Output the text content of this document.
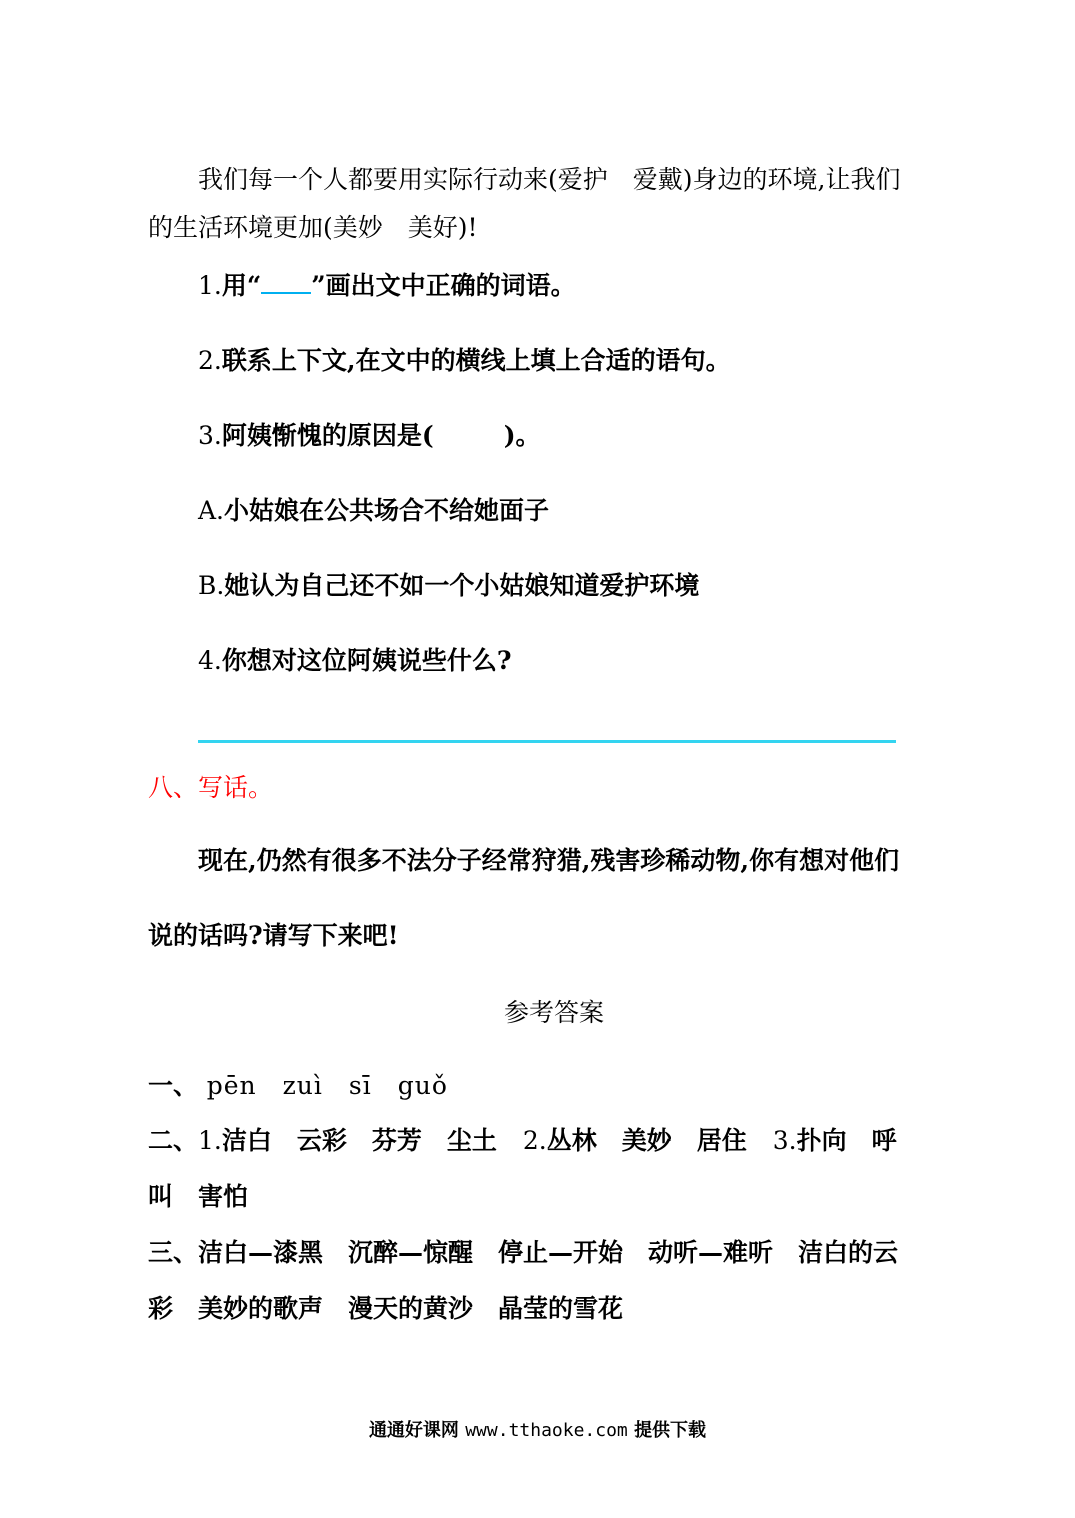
我们每一个人都要用实际行动来(爱护　爱戴)身边的环境,让我们
的生活环境更加(美妙　美好)!
1.用“ ”画出文中正确的词语。
2.联系上下文,在文中的横线上填上合适的语句。
3.阿姨惭愧的原因是(	)。
A.小姑娘在公共场合不给她面子
B.她认为自己还不如一个小姑娘知道爱护环境
4.你想对这位阿姨说些什么?
八、写话。
现在,仍然有很多不法分子经常狩猎,残害珍稀动物,你有想对他们
说的话吗?请写下来吧!
参考答案
一、 pēn　zuì　sī　guǒ
二、1.洁白　云彩　芬芳　尘土 2.丛林　美妙　居住 3.扑向　呼
叫　害怕
三、洁白—漆黑　沉醉—惊醒　停止—开始　动听—难听　洁白的云
彩　美妙的歌声　漫天的黄沙　晶莹的雪花
通通好课网 www.tthaoke.com 提供下载
